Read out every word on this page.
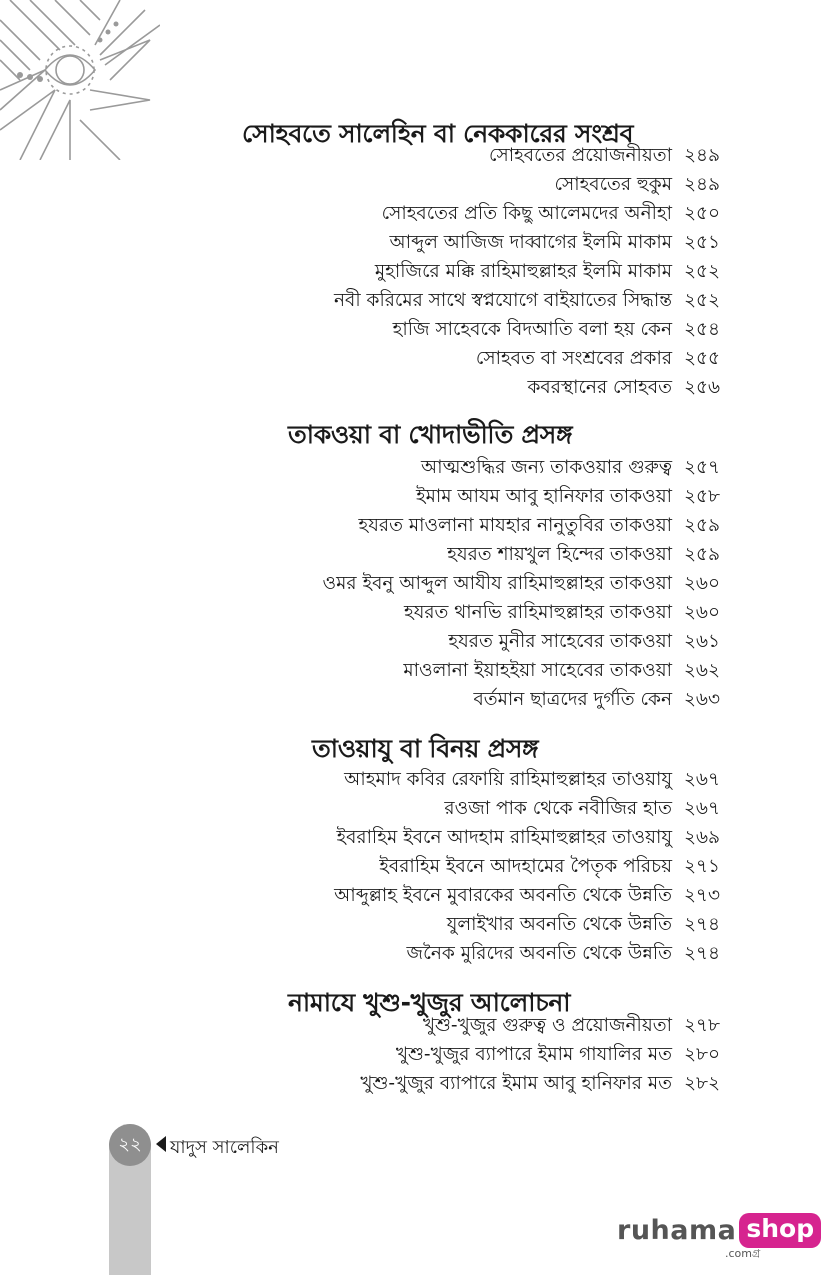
সোহবতে সালেহিন বা নেককারের সংশ্রব
সোহবতের প্রয়োজনীয়তা ২৪৯
সোহবতের হুকুম ২৪৯
সোহবতের প্রতি কিছু আলেমদের অনীহা ২৫০
আব্দুল আজিজ দাব্বাগের ইলমি মাকাম ২৫১
মুহাজিরে মক্কি রাহিমাহুল্লাহর ইলমি মাকাম ২৫২
নবী করিমের সাথে স্বপ্নযোগে বাইয়াতের সিদ্ধান্ত ২৫২
হাজি সাহেবকে বিদআতি বলা হয় কেন ২৫৪
সোহবত বা সংশ্রবের প্রকার ২৫৫
কবরস্থানের সোহবত ২৫৬
তাকওয়া বা খোদাভীতি প্রসঙ্গ
আত্মশুদ্ধির জন্য তাকওয়ার গুরুত্ব ২৫৭
ইমাম আযম আবু হানিফার তাকওয়া ২৫৮
হযরত মাওলানা মাযহার নানুতুবির তাকওয়া ২৫৯
হযরত শায়খুল হিন্দের তাকওয়া ২৫৯
ওমর ইবনু আব্দুল আযীয রাহিমাহুল্লাহর তাকওয়া ২৬০
হযরত থানভি রাহিমাহুল্লাহর তাকওয়া ২৬০
হযরত মুনীর সাহেবের তাকওয়া ২৬১
মাওলানা ইয়াহইয়া সাহেবের তাকওয়া ২৬২
বর্তমান ছাত্রদের দুর্গতি কেন ২৬৩
তাওয়াযু বা বিনয় প্রসঙ্গ
আহমাদ কবির রেফায়ি রাহিমাহুল্লাহর তাওয়াযু ২৬৭
রওজা পাক থেকে নবীজির হাত ২৬৭
ইবরাহিম ইবনে আদহাম রাহিমাহুল্লাহর তাওয়াযু ২৬৯
ইবরাহিম ইবনে আদহামের পৈতৃক পরিচয় ২৭১
আব্দুল্লাহ ইবনে মুবারকের অবনতি থেকে উন্নতি ২৭৩
যুলাইখার অবনতি থেকে উন্নতি ২৭৪
জনৈক মুরিদের অবনতি থেকে উন্নতি ২৭৪
নামাযে খুশু-খুজুর আলোচনা
খুশু-খুজুর গুরুত্ব ও প্রয়োজনীয়তা ২৭৮
খুশু-খুজুর ব্যাপারে ইমাম গাযালির মত ২৮০
খুশু-খুজুর ব্যাপারে ইমাম আবু হানিফার মত ২৮২
২২	যাদুস সালেকিন
ruhama shop
.comগ্র
